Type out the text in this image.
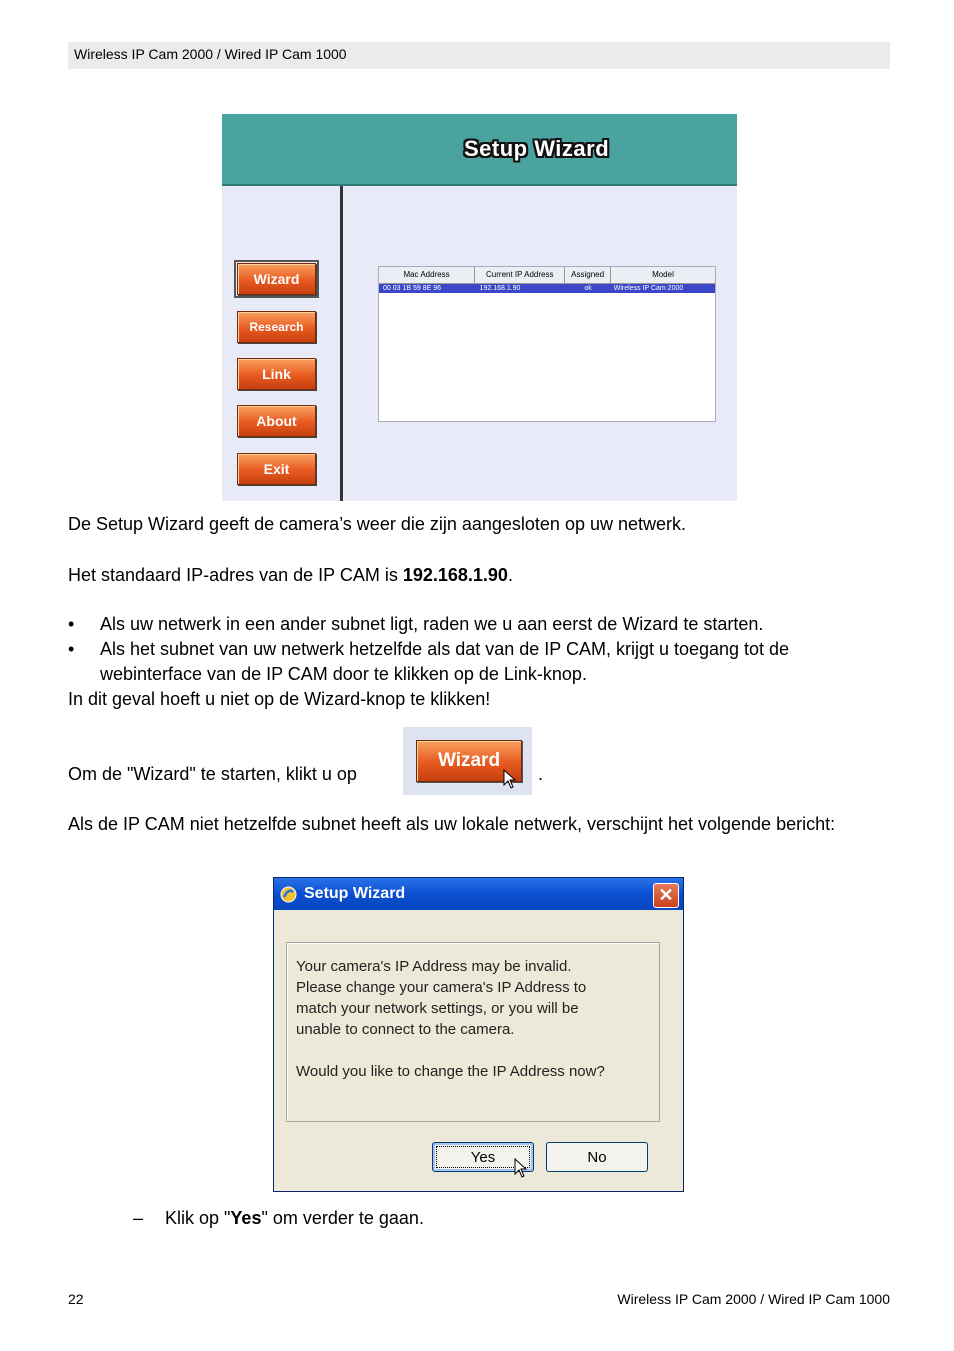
Wireless IP Cam 2000 / Wired IP Cam 1000
Setup Wizard
Wizard
Research
Link
About
Exit
Mac Address	Current IP Address	Assigned	Model
00 03 1B 59 8E 96	192.168.1.90	ok	Wireless IP Cam 2000
De Setup Wizard geeft de camera’s weer die zijn aangesloten op uw netwerk.
Het standaard IP-adres van de IP CAM is 192.168.1.90.
• Als uw netwerk in een ander subnet ligt, raden we u aan eerst de Wizard te starten.
• Als het subnet van uw netwerk hetzelfde als dat van de IP CAM, krijgt u toegang tot de webinterface van de IP CAM door te klikken op de Link-knop.
In dit geval hoeft u niet op de Wizard-knop te klikken!
Om de "Wizard" te starten, klikt u op
Wizard
.
Als de IP CAM niet hetzelfde subnet heeft als uw lokale netwerk, verschijnt het volgende bericht:
Setup Wizard	✕
Your camera's IP Address may be invalid.
Please change your camera's IP Address to
match your network settings, or you will be
unable to connect to the camera.
Would you like to change the IP Address now?
Yes	No
– Klik op "Yes" om verder te gaan.
22	Wireless IP Cam 2000 / Wired IP Cam 1000
